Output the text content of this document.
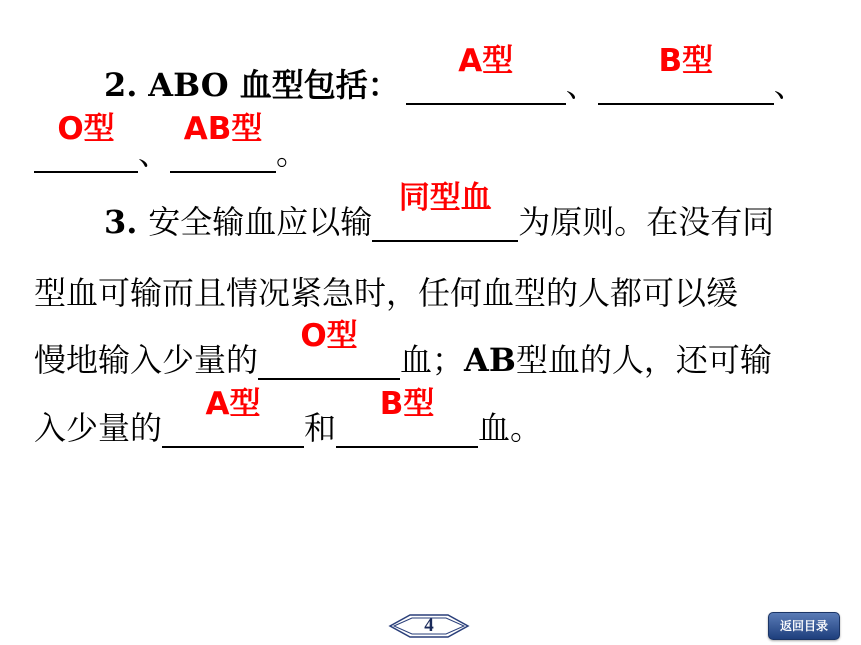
2. ABO 血型包括：
A型
、
B型
、
O型
、
AB型
。
3. 安全输血应以输
同型血
为原则。在没有同
型血可输而且情况紧急时，任何血型的人都可以缓
慢地输入少量的
O型
血；AB型血的人，还可输
入少量的
A型
和
B型
血。
4	返回目录
